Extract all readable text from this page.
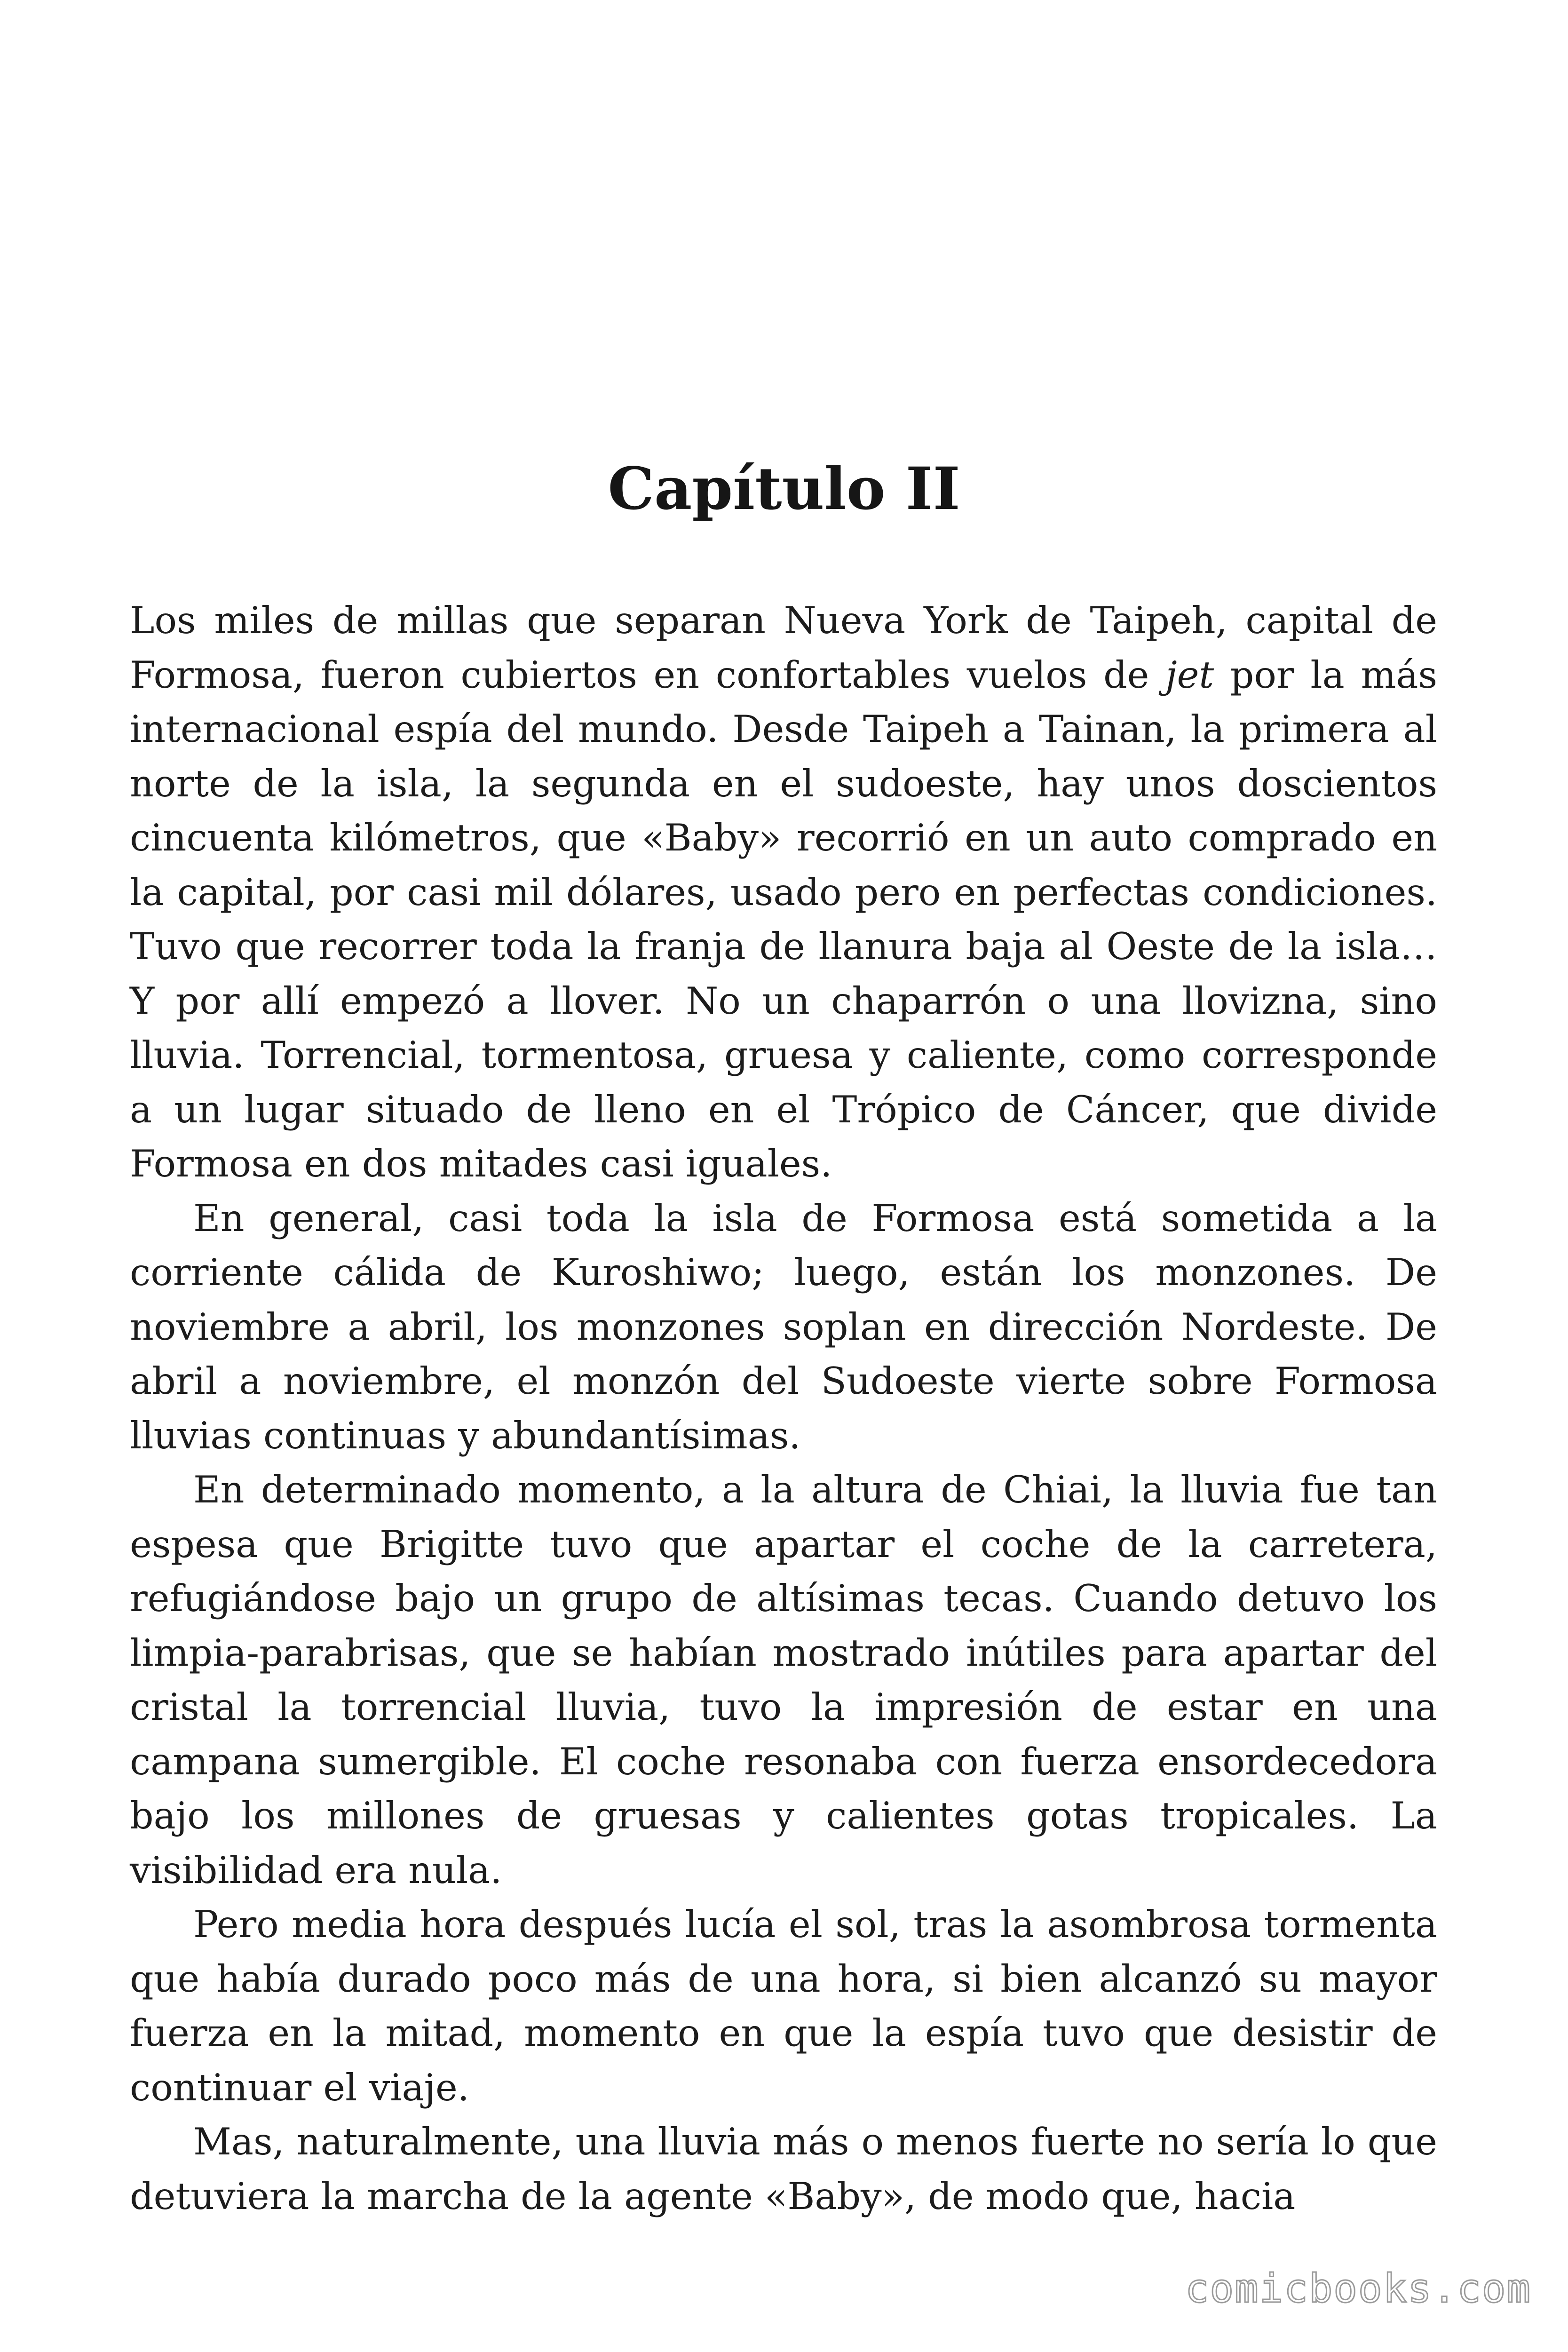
Capítulo II

Los miles de millas que separan Nueva York de Taipeh, capital de Formosa, fueron cubiertos en confortables vuelos de jet por la más internacional espía del mundo. Desde Taipeh a Tainan, la primera al norte de la isla, la segunda en el sudoeste, hay unos doscientos cincuenta kilómetros, que «Baby» recorrió en un auto comprado en la capital, por casi mil dólares, usado pero en perfectas condiciones. Tuvo que recorrer toda la franja de llanura baja al Oeste de la isla… Y por allí empezó a llover. No un chaparrón o una llovizna, sino lluvia. Torrencial, tormentosa, gruesa y caliente, como corresponde a un lugar situado de lleno en el Trópico de Cáncer, que divide Formosa en dos mitades casi iguales.

En general, casi toda la isla de Formosa está sometida a la corriente cálida de Kuroshiwo; luego, están los monzones. De noviembre a abril, los monzones soplan en dirección Nordeste. De abril a noviembre, el monzón del Sudoeste vierte sobre Formosa lluvias continuas y abundantísimas.

En determinado momento, a la altura de Chiai, la lluvia fue tan espesa que Brigitte tuvo que apartar el coche de la carretera, refugiándose bajo un grupo de altísimas tecas. Cuando detuvo los limpia-parabrisas, que se habían mostrado inútiles para apartar del cristal la torrencial lluvia, tuvo la impresión de estar en una campana sumergible. El coche resonaba con fuerza ensordecedora bajo los millones de gruesas y calientes gotas tropicales. La visibilidad era nula.

Pero media hora después lucía el sol, tras la asombrosa tormenta que había durado poco más de una hora, si bien alcanzó su mayor fuerza en la mitad, momento en que la espía tuvo que desistir de continuar el viaje.

Mas, naturalmente, una lluvia más o menos fuerte no sería lo que detuviera la marcha de la agente «Baby», de modo que, hacia

comicbooks.com
